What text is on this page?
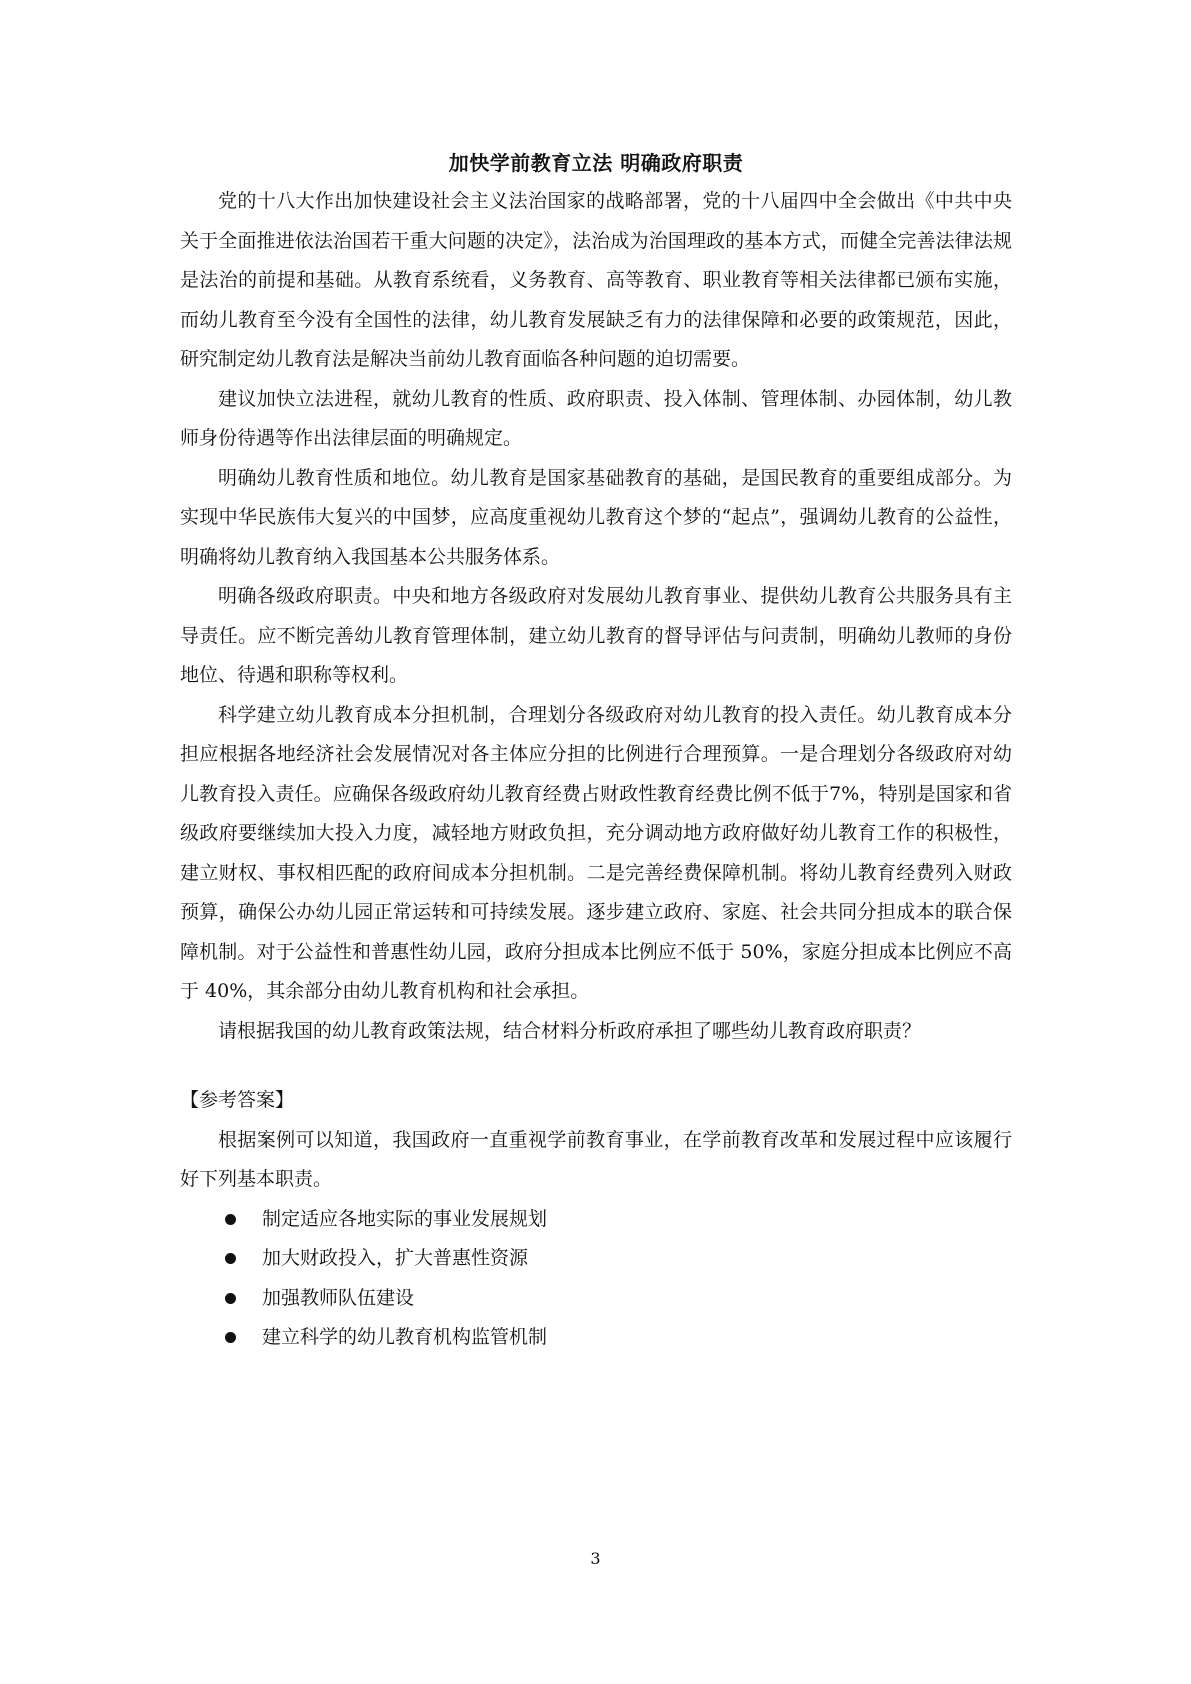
加快学前教育立法 明确政府职责

党的十八大作出加快建设社会主义法治国家的战略部署，党的十八届四中全会做出《中共中央关于全面推进依法治国若干重大问题的决定》，法治成为治国理政的基本方式，而健全完善法律法规是法治的前提和基础。从教育系统看，义务教育、高等教育、职业教育等相关法律都已颁布实施，而幼儿教育至今没有全国性的法律，幼儿教育发展缺乏有力的法律保障和必要的政策规范，因此，研究制定幼儿教育法是解决当前幼儿教育面临各种问题的迫切需要。

建议加快立法进程，就幼儿教育的性质、政府职责、投入体制、管理体制、办园体制，幼儿教师身份待遇等作出法律层面的明确规定。

明确幼儿教育性质和地位。幼儿教育是国家基础教育的基础，是国民教育的重要组成部分。为实现中华民族伟大复兴的中国梦，应高度重视幼儿教育这个梦的“起点”，强调幼儿教育的公益性，明确将幼儿教育纳入我国基本公共服务体系。

明确各级政府职责。中央和地方各级政府对发展幼儿教育事业、提供幼儿教育公共服务具有主导责任。应不断完善幼儿教育管理体制，建立幼儿教育的督导评估与问责制，明确幼儿教师的身份地位、待遇和职称等权利。

科学建立幼儿教育成本分担机制，合理划分各级政府对幼儿教育的投入责任。幼儿教育成本分担应根据各地经济社会发展情况对各主体应分担的比例进行合理预算。一是合理划分各级政府对幼儿教育投入责任。应确保各级政府幼儿教育经费占财政性教育经费比例不低于7%，特别是国家和省级政府要继续加大投入力度，减轻地方财政负担，充分调动地方政府做好幼儿教育工作的积极性，建立财权、事权相匹配的政府间成本分担机制。二是完善经费保障机制。将幼儿教育经费列入财政预算，确保公办幼儿园正常运转和可持续发展。逐步建立政府、家庭、社会共同分担成本的联合保障机制。对于公益性和普惠性幼儿园，政府分担成本比例应不低于 50%，家庭分担成本比例应不高于 40%，其余部分由幼儿教育机构和社会承担。

请根据我国的幼儿教育政策法规，结合材料分析政府承担了哪些幼儿教育政府职责？

【参考答案】

根据案例可以知道，我国政府一直重视学前教育事业，在学前教育改革和发展过程中应该履行好下列基本职责。

制定适应各地实际的事业发展规划
加大财政投入，扩大普惠性资源
加强教师队伍建设
建立科学的幼儿教育机构监管机制
3
